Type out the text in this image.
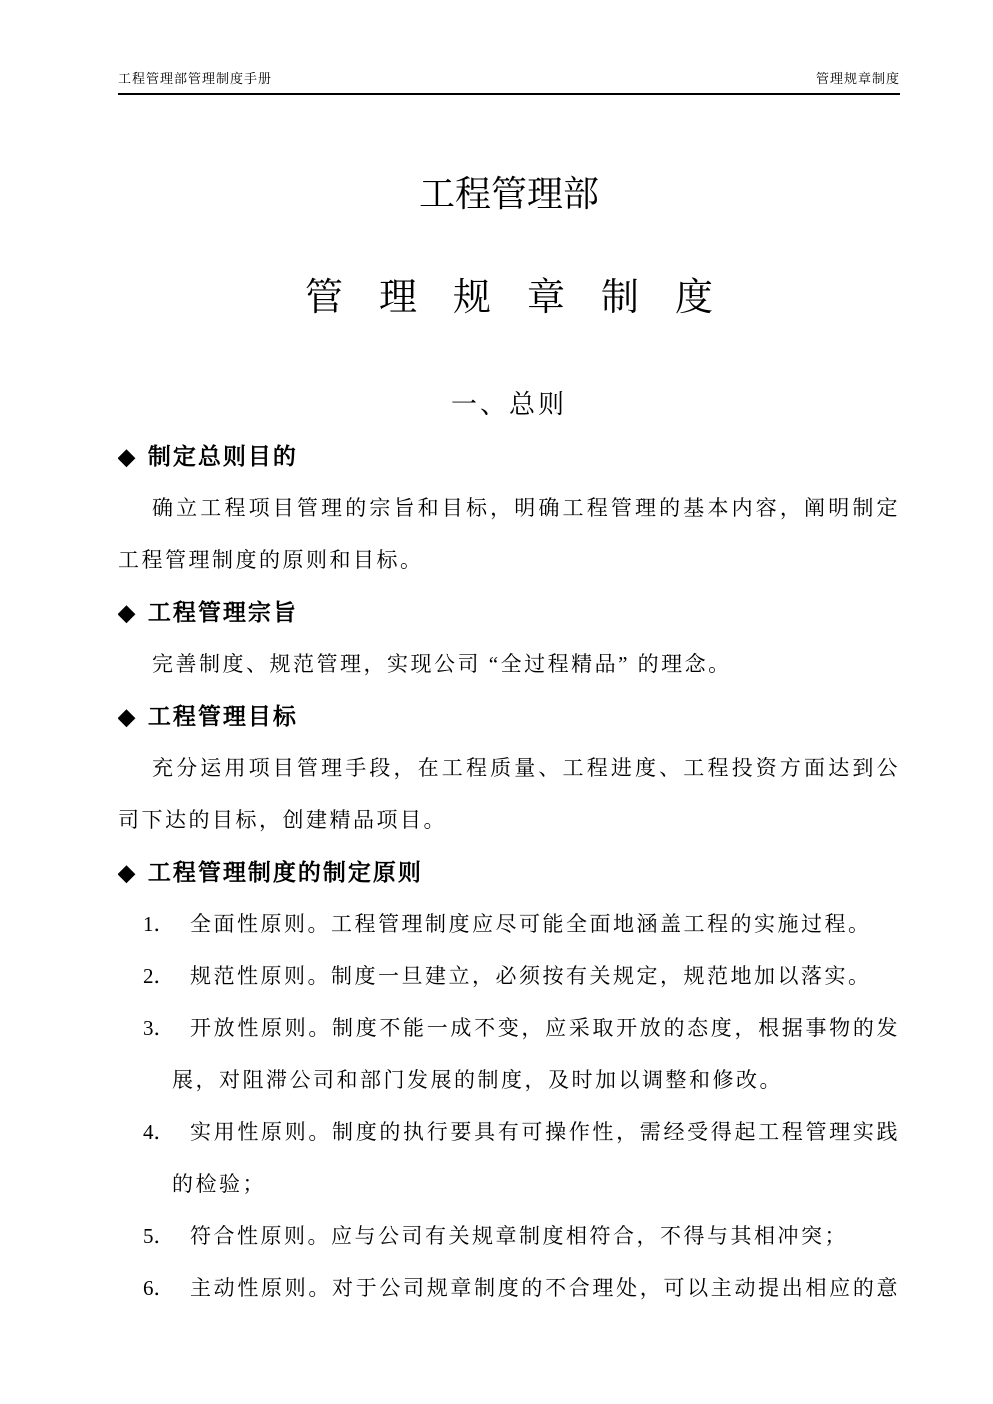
工程管理部管理制度手册	管理规章制度
工程管理部
管理规章制度
一、总则
◆ 制定总则目的
确立工程项目管理的宗旨和目标，明确工程管理的基本内容，阐明制定
工程管理制度的原则和目标。
◆ 工程管理宗旨
完善制度、规范管理，实现公司 “全过程精品” 的理念。
◆ 工程管理目标
充分运用项目管理手段，在工程质量、工程进度、工程投资方面达到公
司下达的目标，创建精品项目。
◆ 工程管理制度的制定原则
1． 全面性原则。工程管理制度应尽可能全面地涵盖工程的实施过程。
2． 规范性原则。制度一旦建立，必须按有关规定，规范地加以落实。
3． 开放性原则。制度不能一成不变，应采取开放的态度，根据事物的发
展，对阻滞公司和部门发展的制度，及时加以调整和修改。
4． 实用性原则。制度的执行要具有可操作性，需经受得起工程管理实践
的检验；
5． 符合性原则。应与公司有关规章制度相符合，不得与其相冲突；
6． 主动性原则。对于公司规章制度的不合理处，可以主动提出相应的意
